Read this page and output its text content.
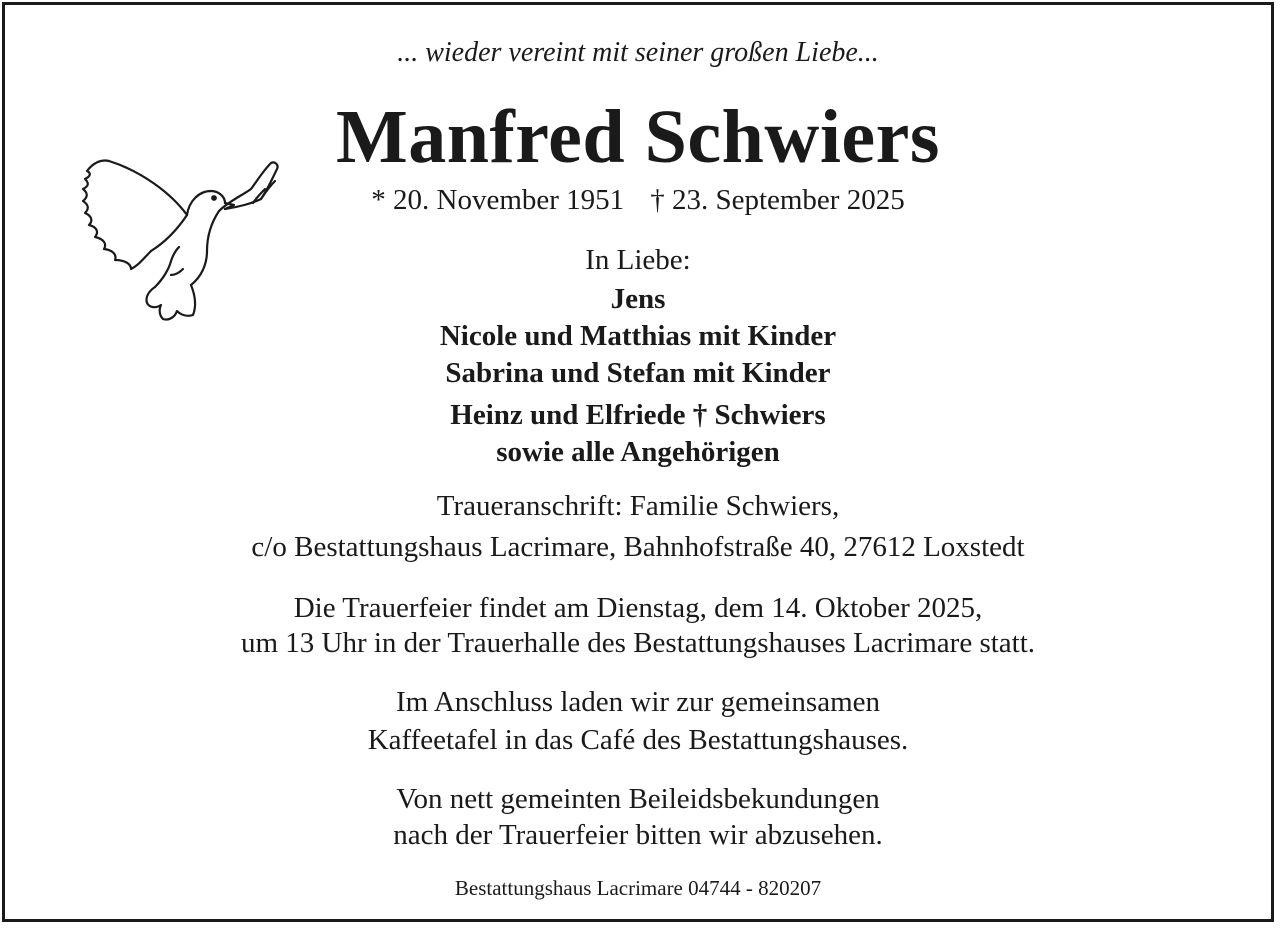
... wieder vereint mit seiner großen Liebe...
Manfred Schwiers
* 20. November 1951 † 23. September 2025
In Liebe:
Jens
Nicole und Matthias mit Kinder
Sabrina und Stefan mit Kinder
Heinz und Elfriede † Schwiers
sowie alle Angehörigen
Traueranschrift: Familie Schwiers,
c/o Bestattungshaus Lacrimare, Bahnhofstraße 40, 27612 Loxstedt
Die Trauerfeier findet am Dienstag, dem 14. Oktober 2025,
um 13 Uhr in der Trauerhalle des Bestattungshauses Lacrimare statt.
Im Anschluss laden wir zur gemeinsamen
Kaffeetafel in das Café des Bestattungshauses.
Von nett gemeinten Beileidsbekundungen
nach der Trauerfeier bitten wir abzusehen.
Bestattungshaus Lacrimare 04744 - 820207
